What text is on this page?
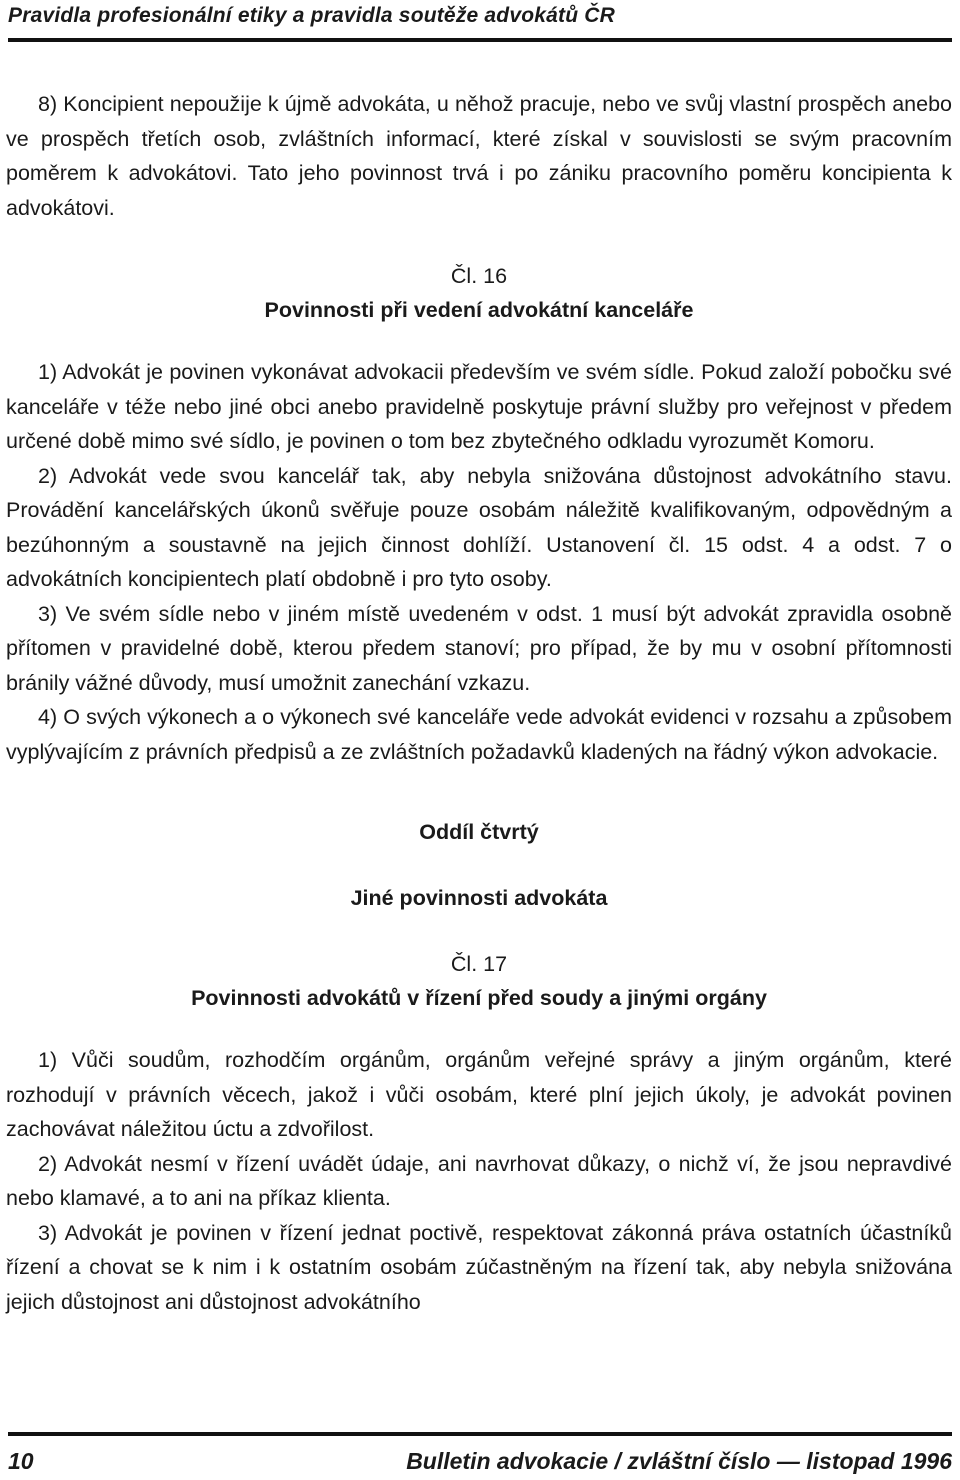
Pravidla profesionální etiky a pravidla soutěže advokátů ČR

8) Koncipient nepoužije k újmě advokáta, u něhož pracuje, nebo ve svůj vlastní prospěch anebo ve prospěch třetích osob, zvláštních informací, které získal v souvislosti se svým pracovním poměrem k advokátovi. Tato jeho povinnost trvá i po zániku pracovního poměru koncipienta k advokátovi.

Čl. 16
Povinnosti při vedení advokátní kanceláře

1) Advokát je povinen vykonávat advokacii především ve svém sídle. Pokud založí pobočku své kanceláře v téže nebo jiné obci anebo pravidelně poskytuje právní služby pro veřejnost v předem určené době mimo své sídlo, je povinen o tom bez zbytečného odkladu vyrozumět Komoru.

2) Advokát vede svou kancelář tak, aby nebyla snižována důstojnost advokátního stavu. Provádění kancelářských úkonů svěřuje pouze osobám náležitě kvalifikovaným, odpovědným a bezúhonným a soustavně na jejich činnost dohlíží. Ustanovení čl. 15 odst. 4 a odst. 7 o advokátních koncipientech platí obdobně i pro tyto osoby.

3) Ve svém sídle nebo v jiném místě uvedeném v odst. 1 musí být advokát zpravidla osobně přítomen v pravidelné době, kterou předem stanoví; pro případ, že by mu v osobní přítomnosti bránily vážné důvody, musí umožnit zanechání vzkazu.

4) O svých výkonech a o výkonech své kanceláře vede advokát evidenci v rozsahu a způsobem vyplývajícím z právních předpisů a ze zvláštních požadavků kladených na řádný výkon advokacie.

Oddíl čtvrtý
Jiné povinnosti advokáta
Čl. 17
Povinnosti advokátů v řízení před soudy a jinými orgány

1) Vůči soudům, rozhodčím orgánům, orgánům veřejné správy a jiným orgánům, které rozhodují v právních věcech, jakož i vůči osobám, které plní jejich úkoly, je advokát povinen zachovávat náležitou úctu a zdvořilost.

2) Advokát nesmí v řízení uvádět údaje, ani navrhovat důkazy, o nichž ví, že jsou nepravdivé nebo klamavé, a to ani na příkaz klienta.

3) Advokát je povinen v řízení jednat poctivě, respektovat zákonná práva ostatních účastníků řízení a chovat se k nim i k ostatním osobám zúčastněným na řízení tak, aby nebyla snižována jejich důstojnost ani důstojnost advokátního

10	Bulletin advokacie / zvláštní číslo — listopad 1996
